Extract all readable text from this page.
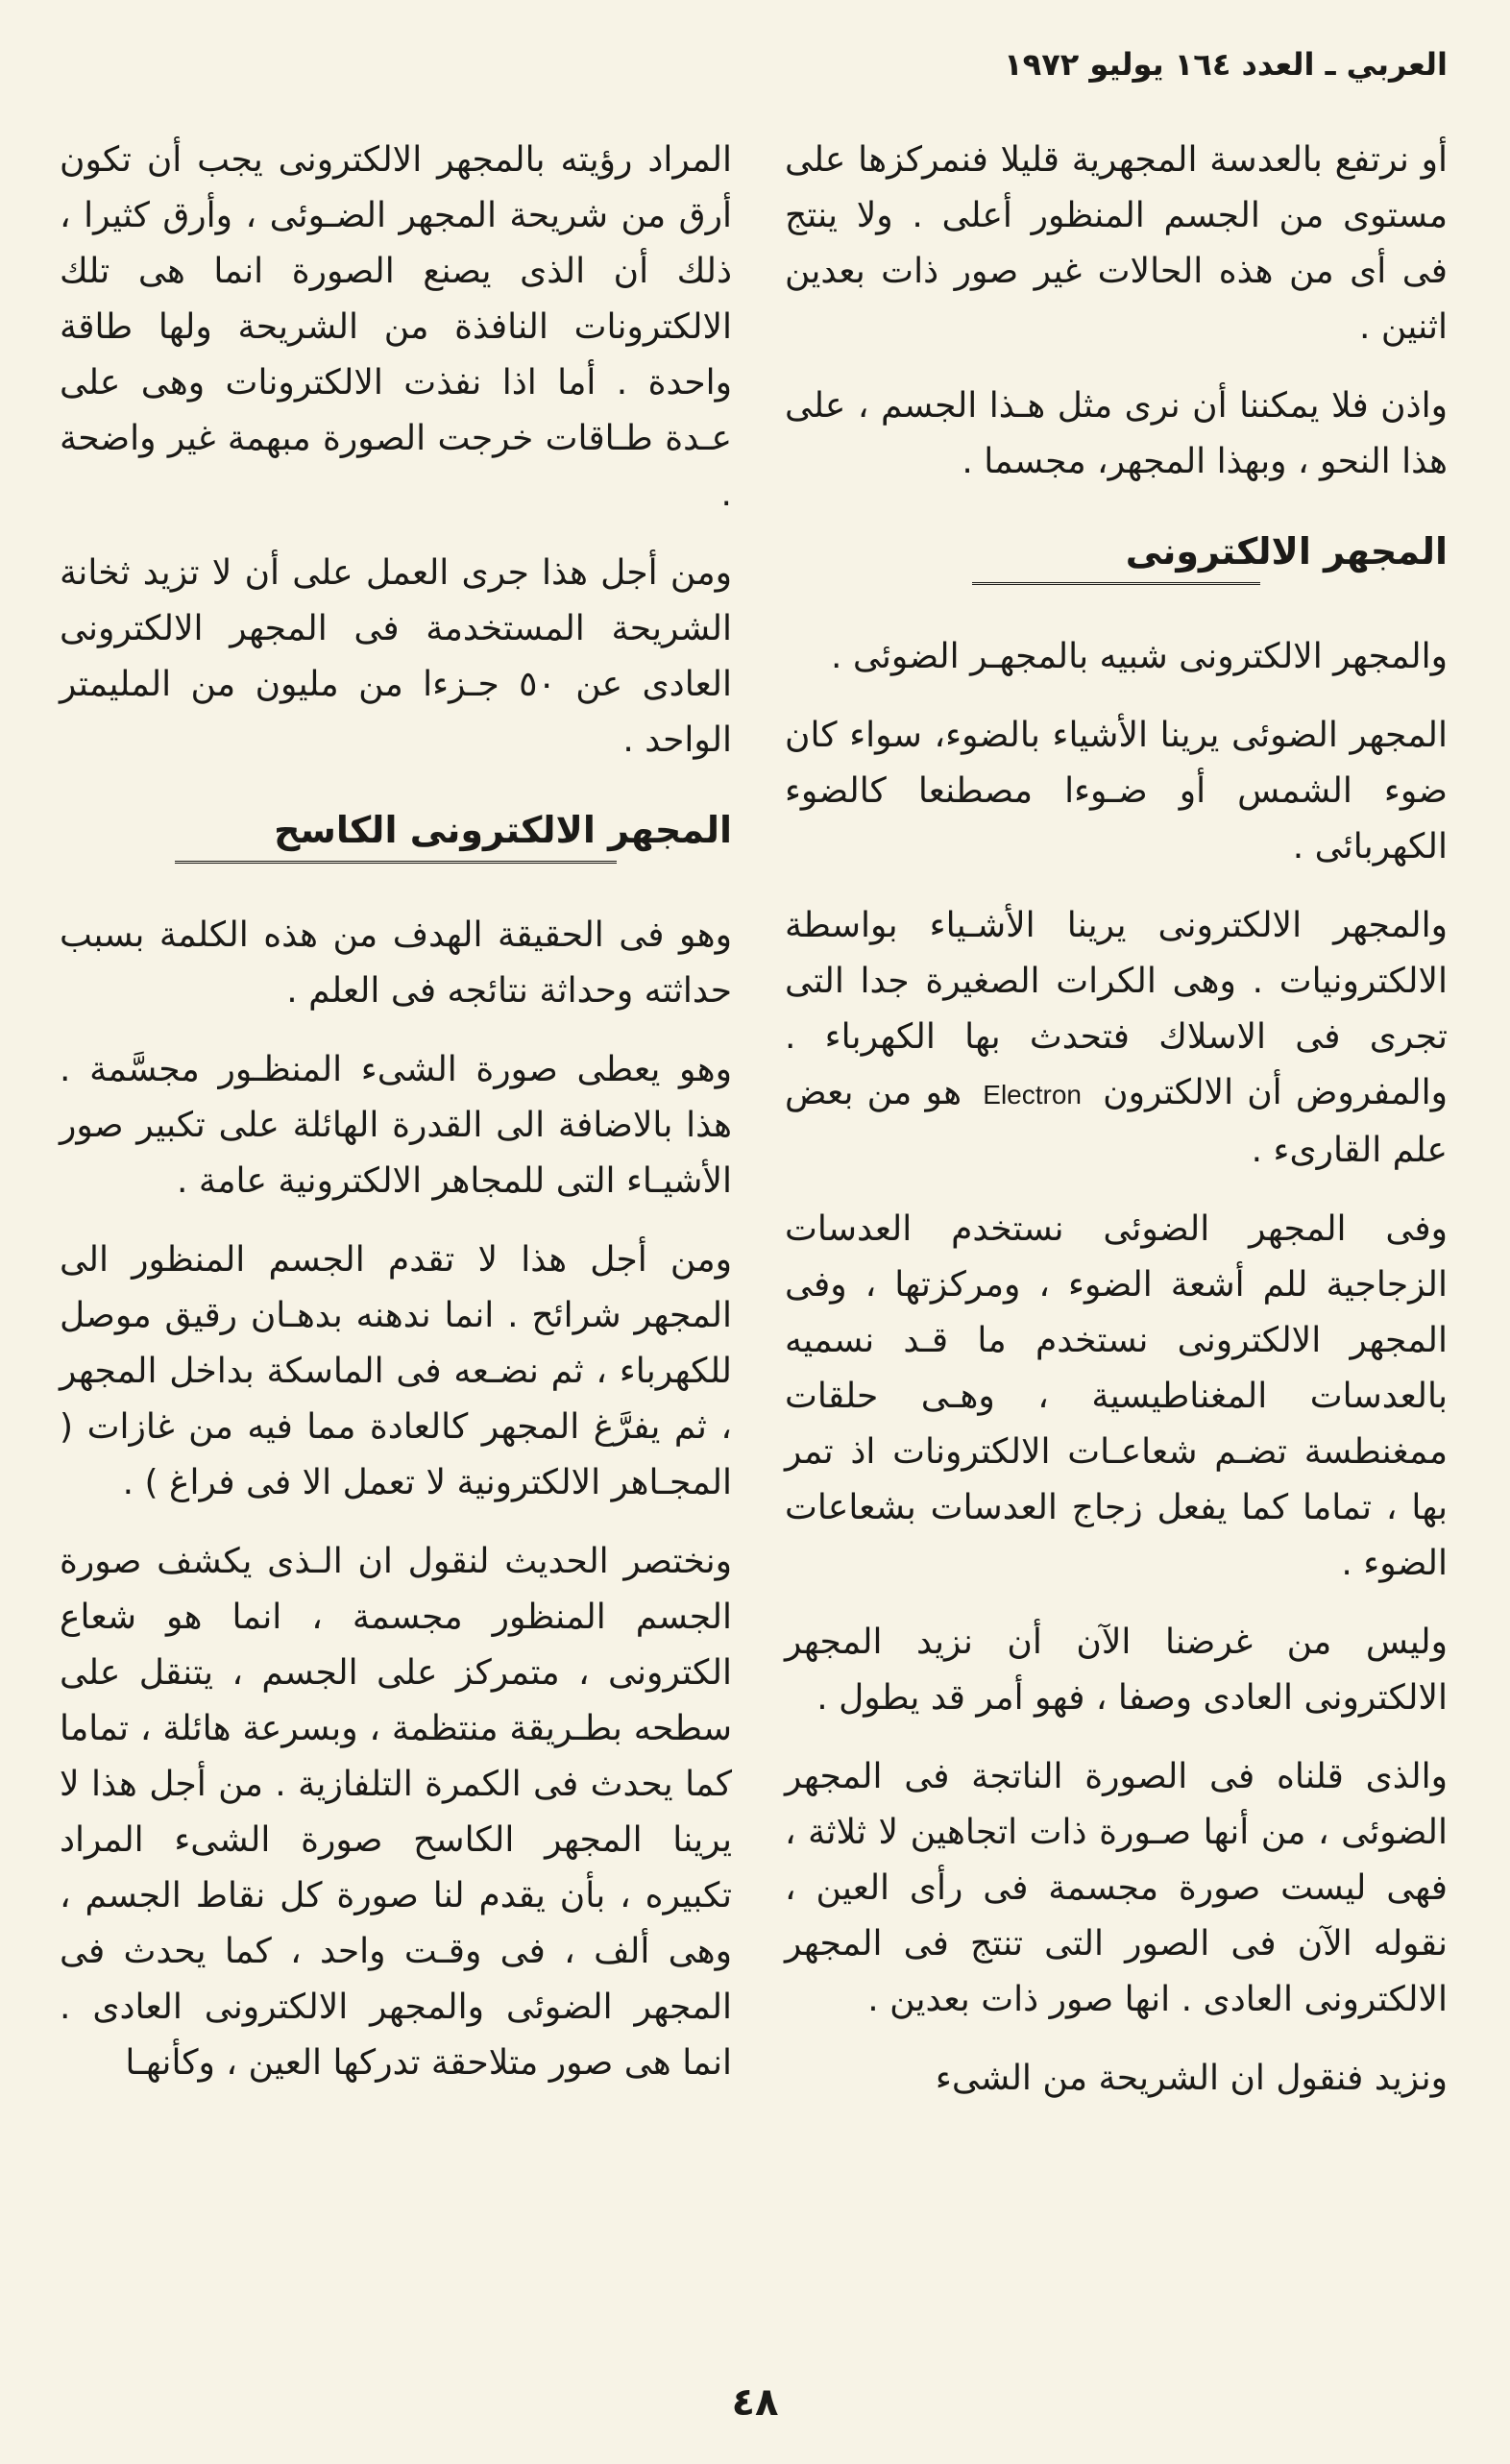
العربي ـ العدد ١٦٤ يوليو ١٩٧٢

أو نرتفع بالعدسة المجهرية قليلا فنمركزها على مستوى من الجسم المنظور أعلى . ولا ينتج فى أى من هذه الحالات غير صور ذات بعدين اثنين .

واذن فلا يمكننا أن نرى مثل هـذا الجسم ، على هذا النحو ، وبهذا المجهر، مجسما .

المجهر الالكترونى

والمجهر الالكترونى شبيه بالمجهـر الضوئى .

المجهر الضوئى يرينا الأشياء بالضوء، سواء كان ضوء الشمس أو ضـوءا مصطنعا كالضوء الكهربائى .

والمجهر الالكترونى يرينا الأشـياء بواسطة الالكترونيات . وهى الكرات الصغيرة جدا التى تجرى فى الاسلاك فتحدث بها الكهرباء . والمفروض أن الالكترون Electron هو من بعض علم القارىء .

وفى المجهر الضوئى نستخدم العدسات الزجاجية للم أشعة الضوء ، ومركزتها ، وفى المجهر الالكترونى نستخدم ما قـد نسميه بالعدسات المغناطيسية ، وهـى حلقات ممغنطسة تضـم شعاعـات الالكترونات اذ تمر بها ، تماما كما يفعل زجاج العدسات بشعاعات الضوء .

وليس من غرضنا الآن أن نزيد المجهر الالكترونى العادى وصفا ، فهو أمر قد يطول .

والذى قلناه فى الصورة الناتجة فى المجهر الضوئى ، من أنها صـورة ذات اتجاهين لا ثلاثة ، فهى ليست صورة مجسمة فى رأى العين ، نقوله الآن فى الصور التى تنتج فى المجهر الالكترونى العادى . انها صور ذات بعدين .

ونزيد فنقول ان الشريحة من الشىء

المراد رؤيته بالمجهر الالكترونى يجب أن تكون أرق من شريحة المجهر الضـوئى ، وأرق كثيرا ، ذلك أن الذى يصنع الصورة انما هى تلك الالكترونات النافذة من الشريحة ولها طاقة واحدة . أما اذا نفذت الالكترونات وهى على عـدة طـاقات خرجت الصورة مبهمة غير واضحة .

ومن أجل هذا جرى العمل على أن لا تزيد ثخانة الشريحة المستخدمة فى المجهر الالكترونى العادى عن ٥٠ جـزءا من مليون من المليمتر الواحد .

المجهر الالكترونى الكاسح

وهو فى الحقيقة الهدف من هذه الكلمة بسبب حداثته وحداثة نتائجه فى العلم .

وهو يعطى صورة الشىء المنظـور مجسَّمة . هذا بالاضافة الى القدرة الهائلة على تكبير صور الأشيـاء التى للمجاهر الالكترونية عامة .

ومن أجل هذا لا تقدم الجسم المنظور الى المجهر شرائح . انما ندهنه بدهـان رقيق موصل للكهرباء ، ثم نضـعه فى الماسكة بداخل المجهر ، ثم يفرَّغ المجهر كالعادة مما فيه من غازات ( المجـاهر الالكترونية لا تعمل الا فى فراغ ) .

ونختصر الحديث لنقول ان الـذى يكشف صورة الجسم المنظور مجسمة ، انما هو شعاع الكترونى ، متمركز على الجسم ، يتنقل على سطحه بطـريقة منتظمة ، وبسرعة هائلة ، تماما كما يحدث فى الكمرة التلفازية . من أجل هذا لا يرينا المجهر الكاسح صورة الشىء المراد تكبيره ، بأن يقدم لنا صورة كل نقاط الجسم ، وهى ألف ، فى وقـت واحد ، كما يحدث فى المجهر الضوئى والمجهر الالكترونى العادى . انما هى صور متلاحقة تدركها العين ، وكأنهـا

٤٨
